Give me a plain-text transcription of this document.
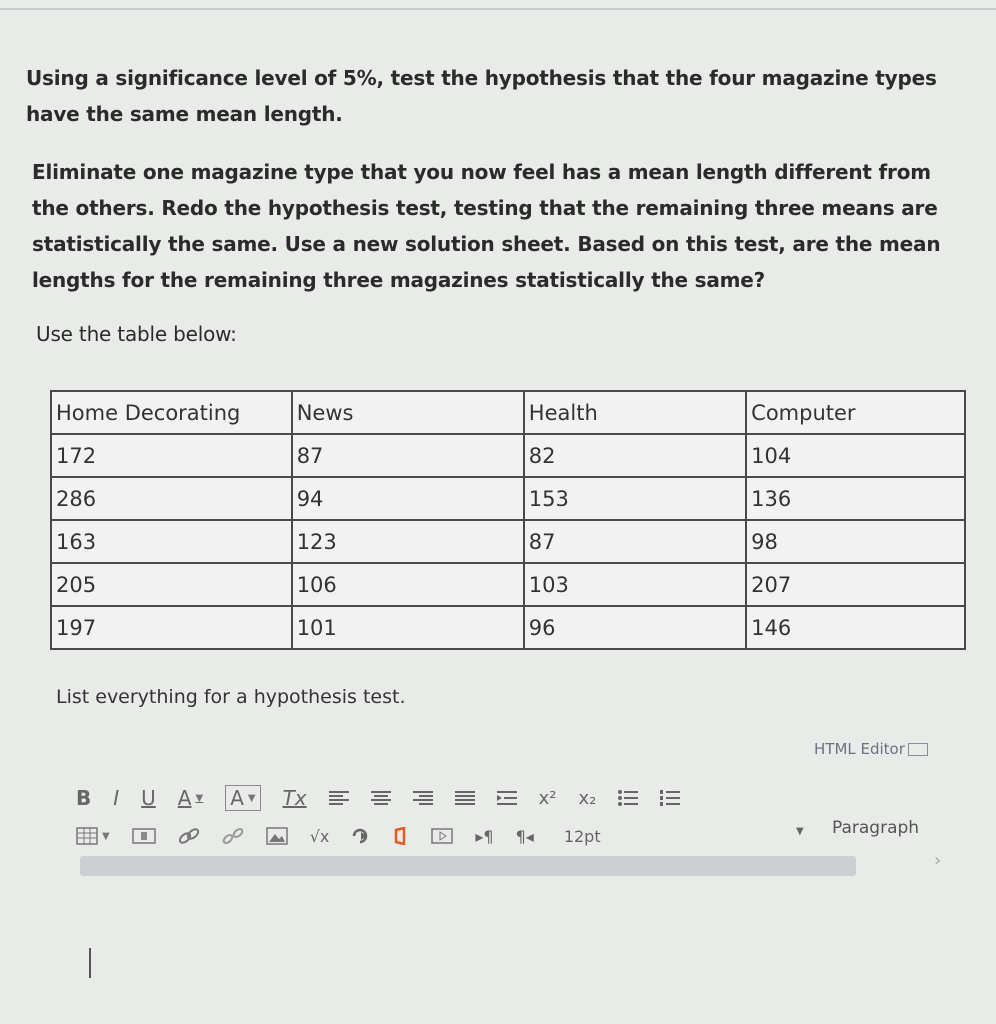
Using a significance level of 5%, test the hypothesis that the four magazine types have the same mean length.

Eliminate one magazine type that you now feel has a mean length different from the others. Redo the hypothesis test, testing that the remaining three means are statistically the same. Use a new solution sheet. Based on this test, are the mean lengths for the remaining three magazines statistically the same?

Use the table below:

Home Decorating	News	Health	Computer
172	87	82	104
286	94	153	136
163	123	87	98
205	106	103	207
197	101	96	146
List everything for a hypothesis test.
HTML Editor
B I U A ▼ A ▼ Tx	x² x₂
▼	√x	▸¶ ¶◂ 12pt	▼ Paragraph
›
